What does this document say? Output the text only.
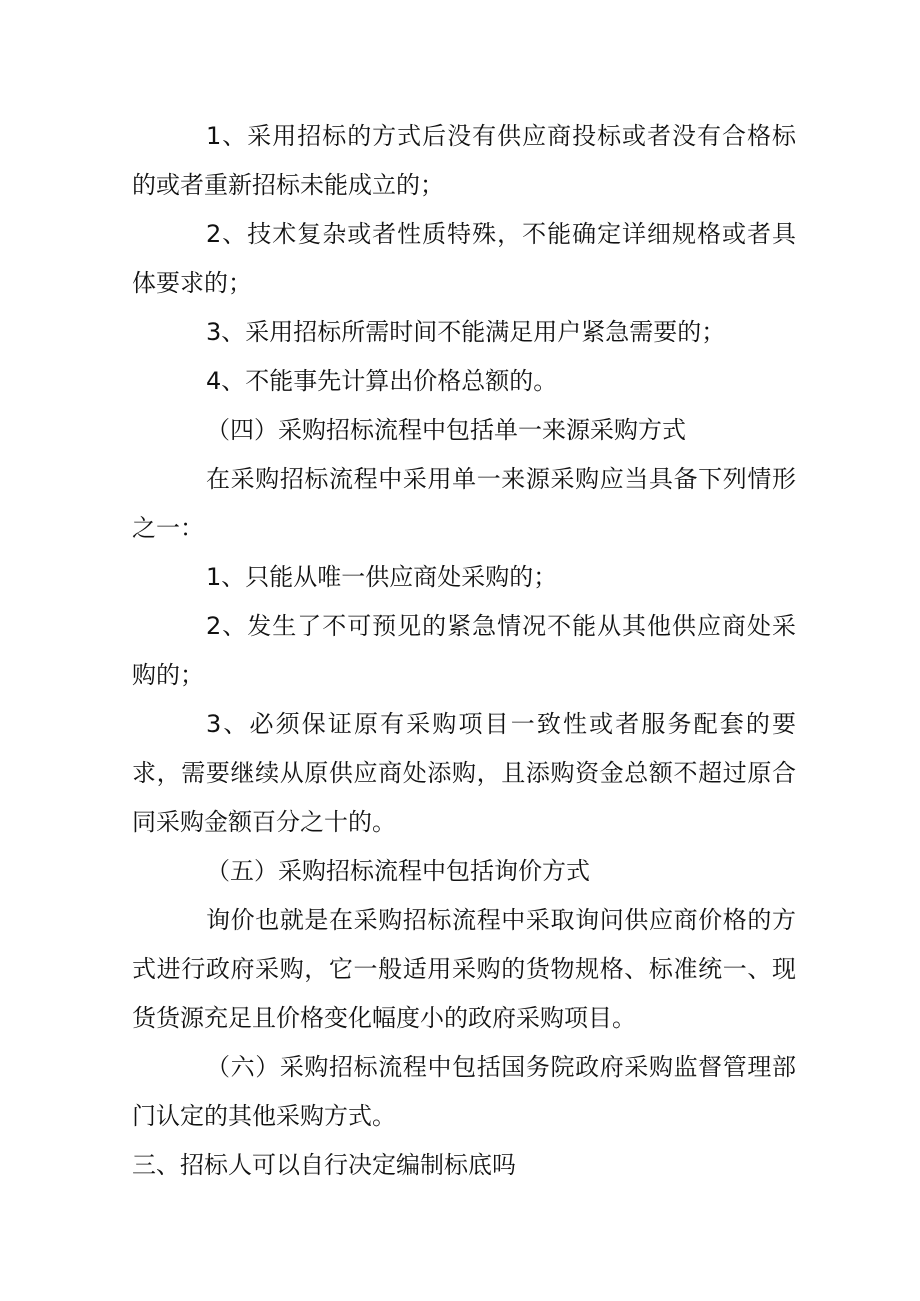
1、采用招标的方式后没有供应商投标或者没有合格标的或者重新招标未能成立的；

2、技术复杂或者性质特殊，不能确定详细规格或者具体要求的；

3、采用招标所需时间不能满足用户紧急需要的；

4、不能事先计算出价格总额的。

（四）采购招标流程中包括单一来源采购方式

在采购招标流程中采用单一来源采购应当具备下列情形之一：

1、只能从唯一供应商处采购的；

2、发生了不可预见的紧急情况不能从其他供应商处采购的；

3、必须保证原有采购项目一致性或者服务配套的要求，需要继续从原供应商处添购，且添购资金总额不超过原合同采购金额百分之十的。

（五）采购招标流程中包括询价方式

询价也就是在采购招标流程中采取询问供应商价格的方式进行政府采购，它一般适用采购的货物规格、标准统一、现货货源充足且价格变化幅度小的政府采购项目。

（六）采购招标流程中包括国务院政府采购监督管理部门认定的其他采购方式。

三、招标人可以自行决定编制标底吗
